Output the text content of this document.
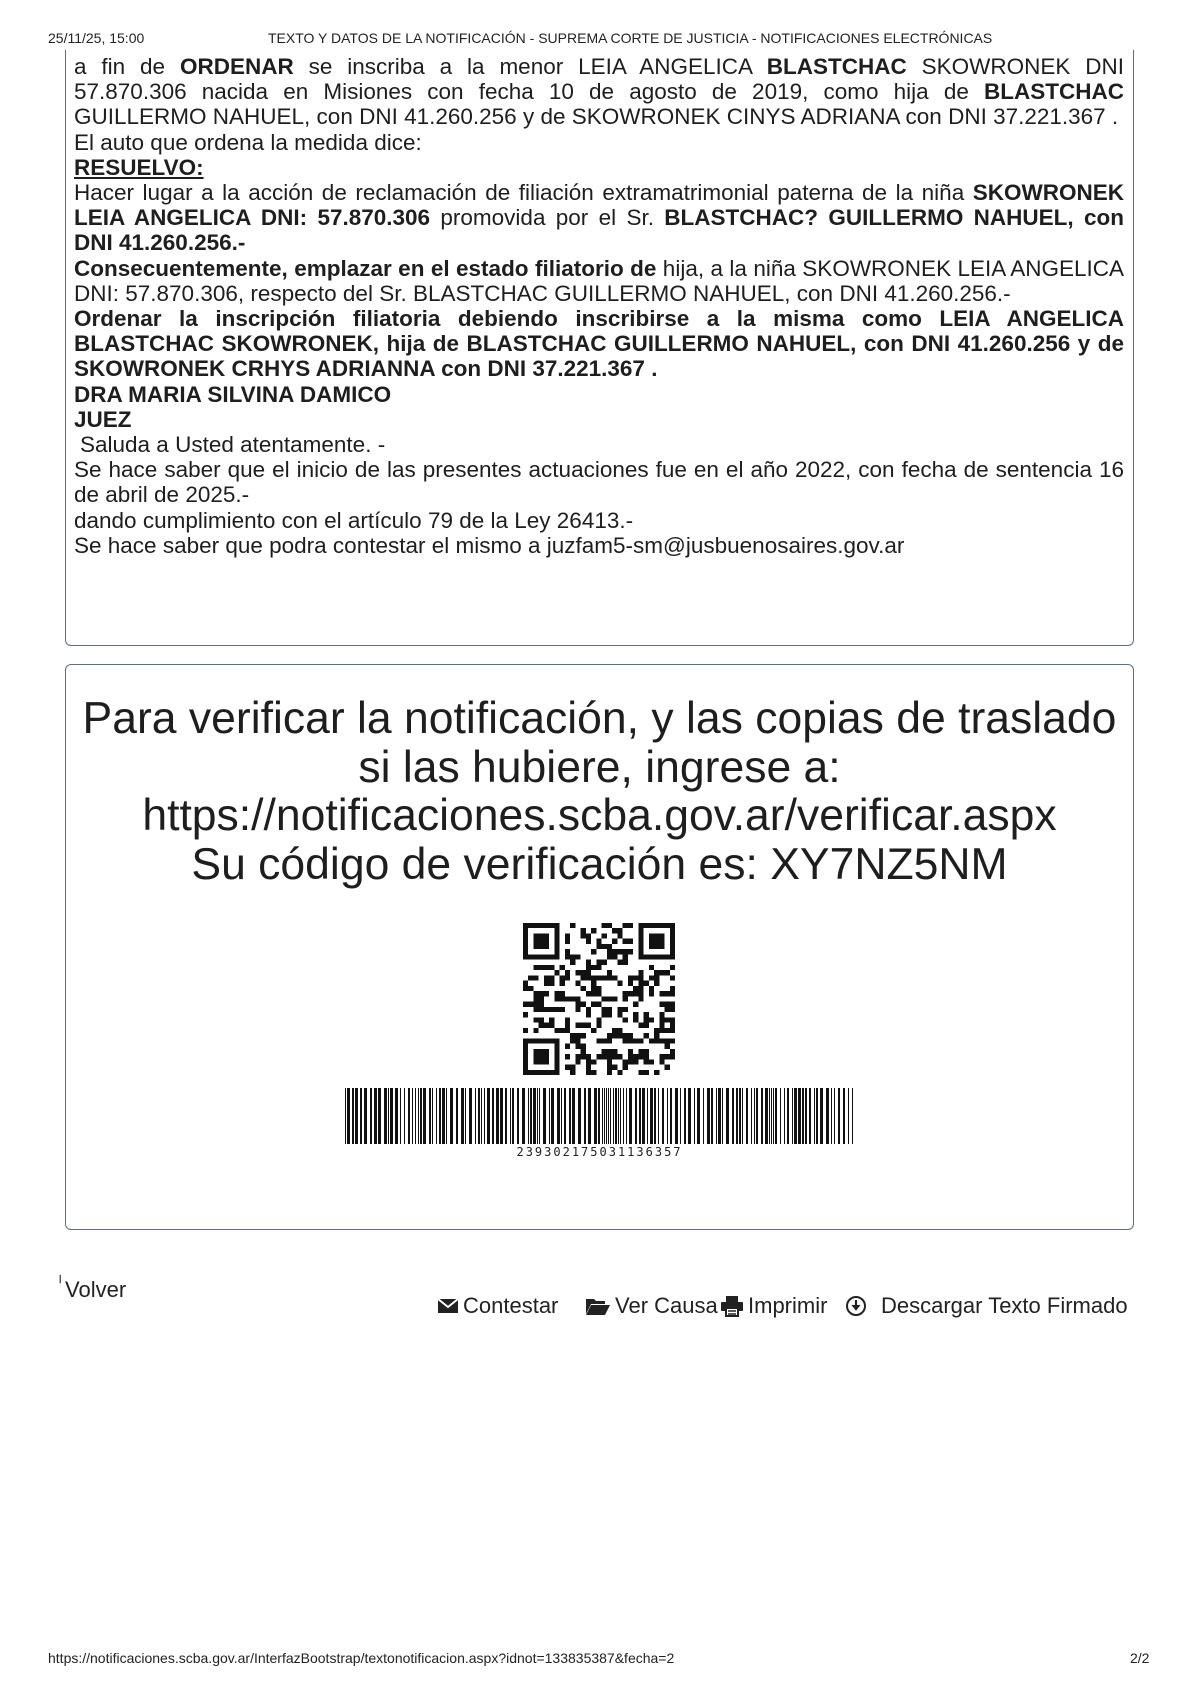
25/11/25, 15:00	TEXTO Y DATOS DE LA NOTIFICACIÓN - SUPREMA CORTE DE JUSTICIA - NOTIFICACIONES ELECTRÓNICAS

a fin de ORDENAR se inscriba a la menor LEIA ANGELICA BLASTCHAC SKOWRONEK DNI 57.870.306 nacida en Misiones con fecha 10 de agosto de 2019, como hija de BLASTCHAC GUILLERMO NAHUEL, con DNI 41.260.256 y de SKOWRONEK CINYS ADRIANA con DNI 37.221.367 .

El auto que ordena la medida dice:

RESUELVO:

Hacer lugar a la acción de reclamación de filiación extramatrimonial paterna de la niña SKOWRONEK LEIA ANGELICA DNI: 57.870.306 promovida por el Sr. BLASTCHAC? GUILLERMO NAHUEL, con DNI 41.260.256.-

Consecuentemente, emplazar en el estado filiatorio de hija, a la niña SKOWRONEK LEIA ANGELICA DNI: 57.870.306, respecto del Sr. BLASTCHAC GUILLERMO NAHUEL, con DNI 41.260.256.-

Ordenar la inscripción filiatoria debiendo inscribirse a la misma como LEIA ANGELICA BLASTCHAC SKOWRONEK, hija de BLASTCHAC GUILLERMO NAHUEL, con DNI 41.260.256 y de SKOWRONEK CRHYS ADRIANNA con DNI 37.221.367 .

DRA MARIA SILVINA DAMICO

JUEZ

Saluda a Usted atentamente. -

Se hace saber que el inicio de las presentes actuaciones fue en el año 2022, con fecha de sentencia 16 de abril de 2025.-

dando cumplimiento con el artículo 79 de la Ley 26413.-

Se hace saber que podra contestar el mismo a juzfam5-sm@jusbuenosaires.gov.ar

Para verificar la notificación, y las copias de traslado
si las hubiere, ingrese a:
https://notificaciones.scba.gov.ar/verificar.aspx
Su código de verificación es: XY7NZ5NM
239302175031136357
╵ Volver
Contestar	Ver Causa Imprimir Descargar Texto Firmado
https://notificaciones.scba.gov.ar/InterfazBootstrap/textonotificacion.aspx?idnot=133835387&fecha=2	2/2
